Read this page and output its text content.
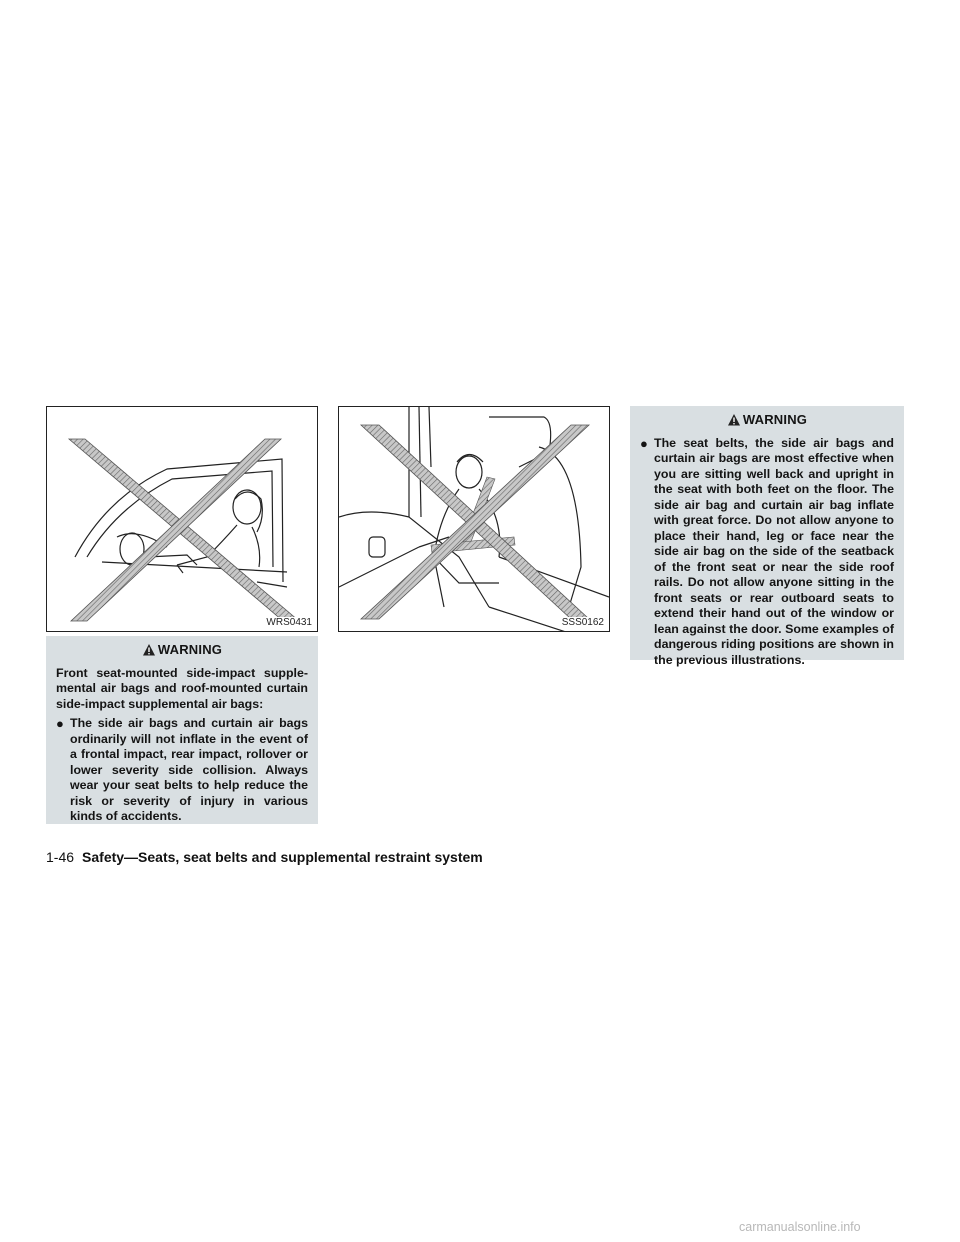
WRS0431	SSS0162
WARNING

Front seat-mounted side-impact supple-mental air bags and roof-mounted curtain side-impact supplemental air bags:

● The side air bags and curtain air bags ordinarily will not inflate in the event of a frontal impact, rear impact, rollover or lower severity side collision. Always wear your seat belts to help reduce the risk or severity of injury in various kinds of accidents.
WARNING
● The seat belts, the side air bags and curtain air bags are most effective when you are sitting well back and upright in the seat with both feet on the floor. The side air bag and curtain air bag inflate with great force. Do not allow anyone to place their hand, leg or face near the side air bag on the side of the seatback of the front seat or near the side roof rails. Do not allow anyone sitting in the front seats or rear outboard seats to extend their hand out of the window or lean against the door. Some examples of dangerous riding positions are shown in the previous illustrations.
1-46 Safety—Seats, seat belts and supplemental restraint system
carmanualsonline.info
